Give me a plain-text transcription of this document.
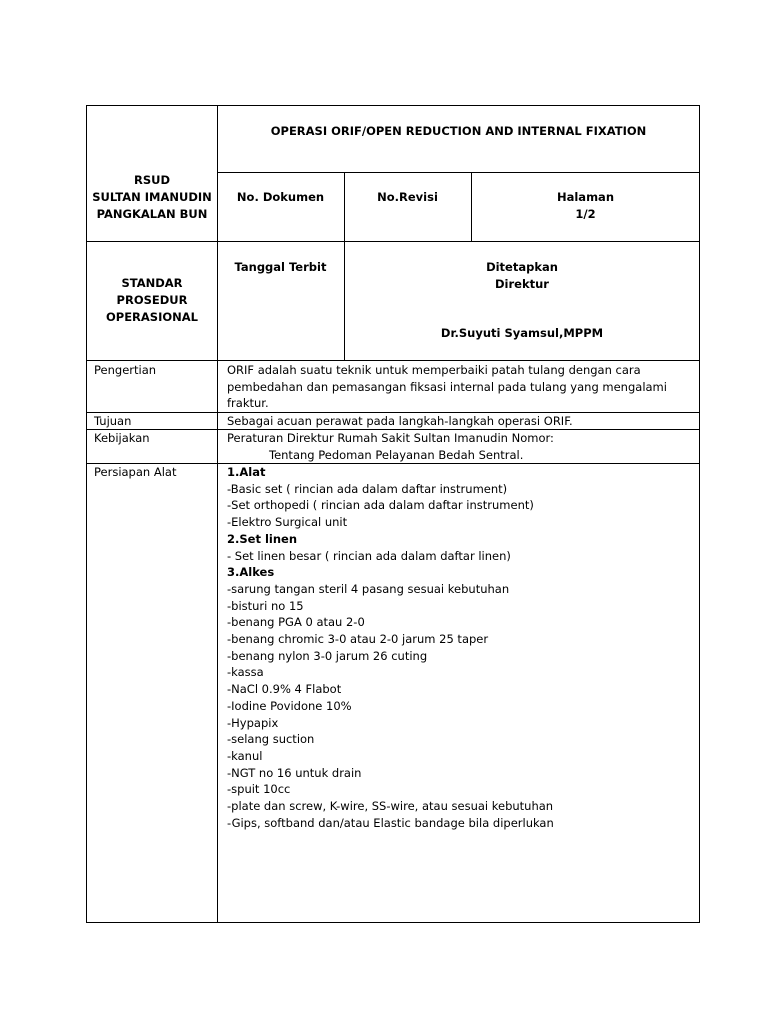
RSUD
SULTAN IMANUDIN
PANGKALAN BUN
OPERASI ORIF/OPEN REDUCTION AND INTERNAL FIXATION
No. Dokumen	No.Revisi	Halaman
1/2
STANDAR
PROSEDUR
OPERASIONAL
Tanggal Terbit	Ditetapkan
Direktur
Dr.Suyuti Syamsul,MPPM
Pengertian	ORIF adalah suatu teknik untuk memperbaiki patah tulang dengan cara
pembedahan dan pemasangan fiksasi internal pada tulang yang mengalami
fraktur.
Tujuan	Sebagai acuan perawat pada langkah-langkah operasi ORIF.
Kebijakan	Peraturan Direktur Rumah Sakit Sultan Imanudin Nomor:
Tentang Pedoman Pelayanan Bedah Sentral.
Persiapan Alat	1.Alat
-Basic set ( rincian ada dalam daftar instrument)
-Set orthopedi ( rincian ada dalam daftar instrument)
-Elektro Surgical unit
2.Set linen
- Set linen besar ( rincian ada dalam daftar linen)
3.Alkes
-sarung tangan steril 4 pasang sesuai kebutuhan
-bisturi no 15
-benang PGA 0 atau 2-0
-benang chromic 3-0 atau 2-0 jarum 25 taper
-benang nylon 3-0 jarum 26 cuting
-kassa
-NaCl 0.9% 4 Flabot
-Iodine Povidone 10%
-Hypapix
-selang suction
-kanul
-NGT no 16 untuk drain
-spuit 10cc
-plate dan screw, K-wire, SS-wire, atau sesuai kebutuhan
-Gips, softband dan/atau Elastic bandage bila diperlukan
